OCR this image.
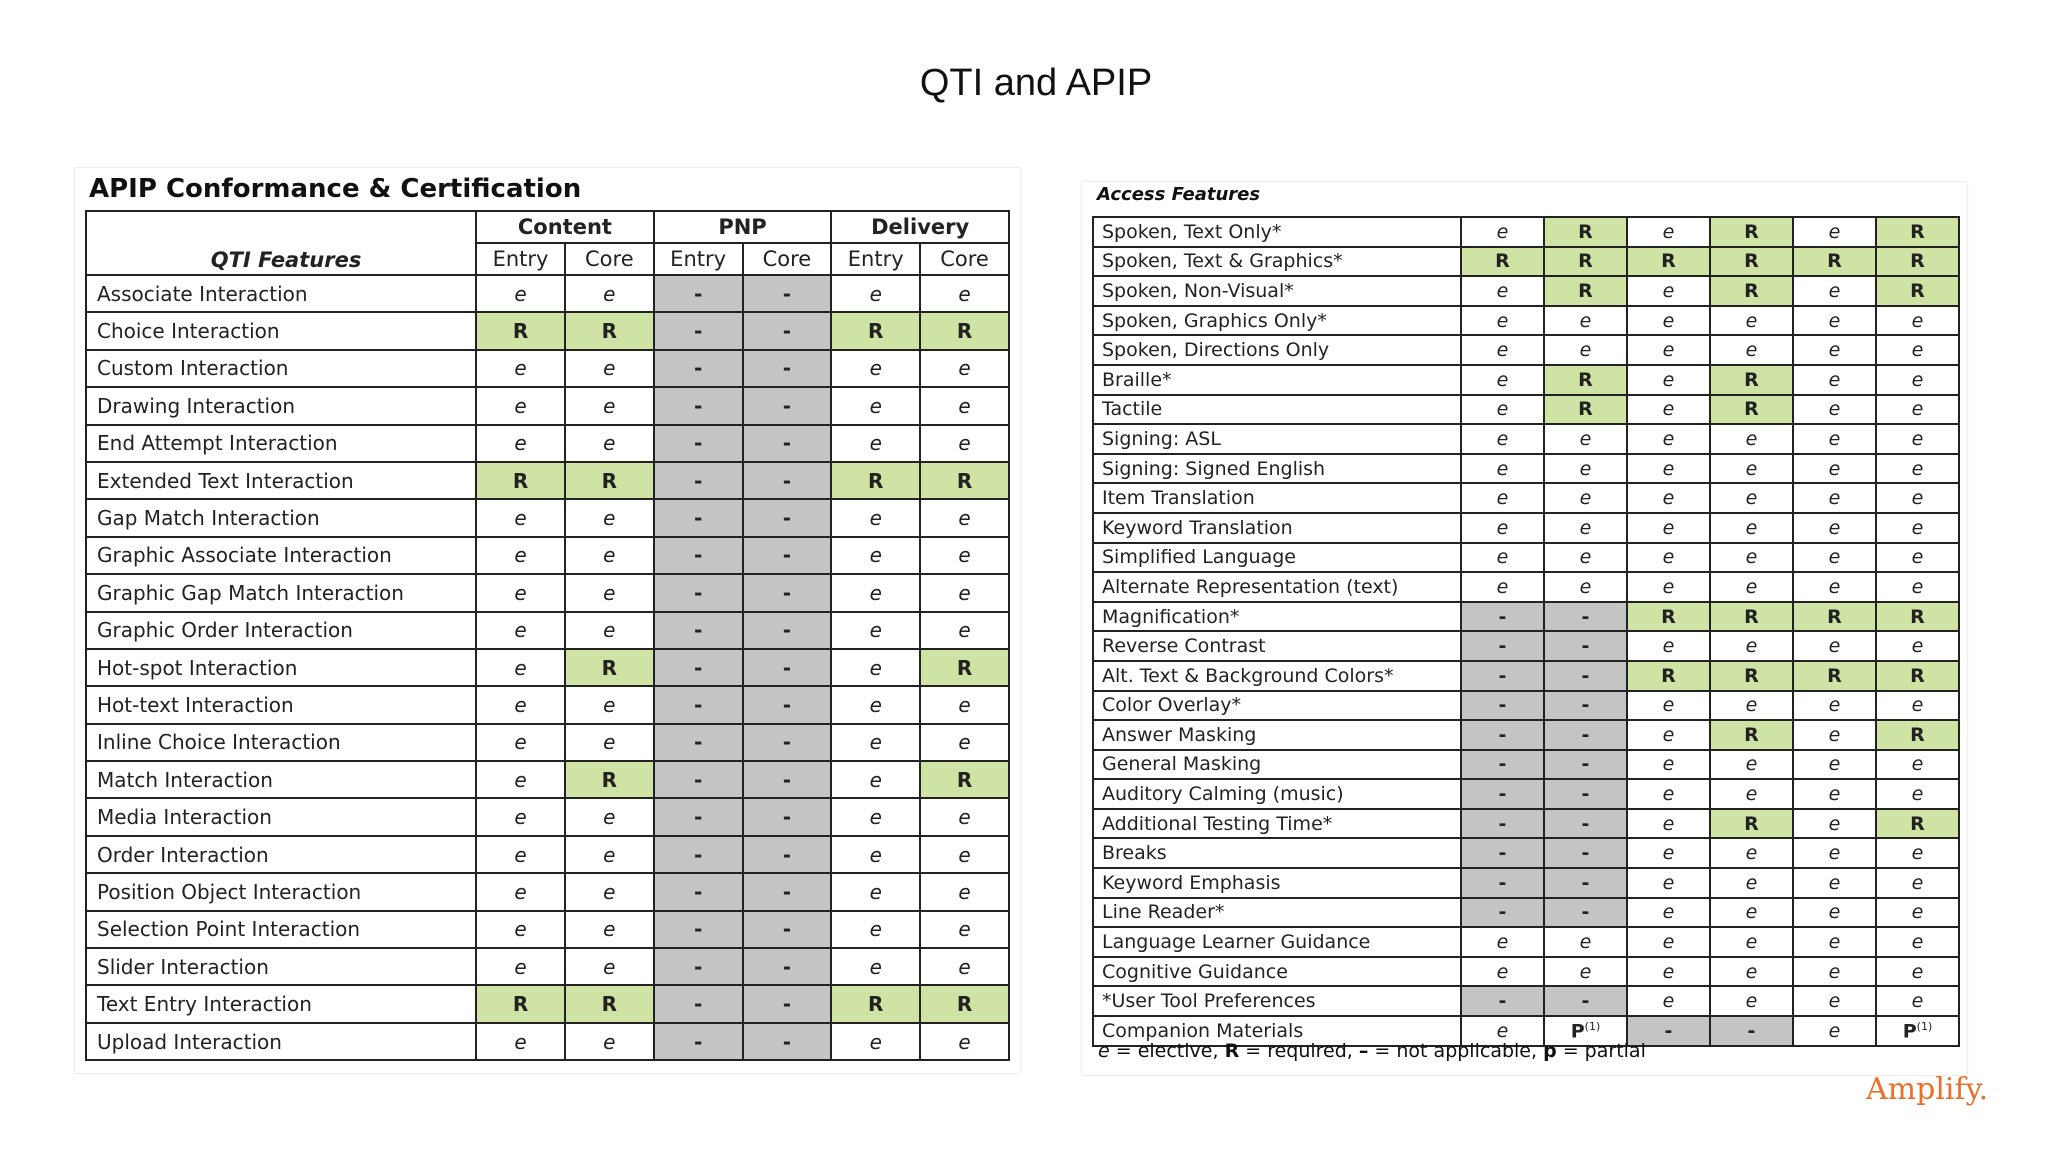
QTI and APIP
APIP Conformance & Certification
QTI Features	Content		PNP		Delivery	
	Entry	Core	Entry	Core	Entry	Core
Associate Interaction	e	e	-	-	e	e
Choice Interaction	R	R	-	-	R	R
Custom Interaction	e	e	-	-	e	e
Drawing Interaction	e	e	-	-	e	e
End Attempt Interaction	e	e	-	-	e	e
Extended Text Interaction	R	R	-	-	R	R
Gap Match Interaction	e	e	-	-	e	e
Graphic Associate Interaction	e	e	-	-	e	e
Graphic Gap Match Interaction	e	e	-	-	e	e
Graphic Order Interaction	e	e	-	-	e	e
Hot-spot Interaction	e	R	-	-	e	R
Hot-text Interaction	e	e	-	-	e	e
Inline Choice Interaction	e	e	-	-	e	e
Match Interaction	e	R	-	-	e	R
Media Interaction	e	e	-	-	e	e
Order Interaction	e	e	-	-	e	e
Position Object Interaction	e	e	-	-	e	e
Selection Point Interaction	e	e	-	-	e	e
Slider Interaction	e	e	-	-	e	e
Text Entry Interaction	R	R	-	-	R	R
Upload Interaction	e	e	-	-	e	e
Access Features
Spoken, Text Only*	e	R	e	R	e	R
Spoken, Text & Graphics*	R	R	R	R	R	R
Spoken, Non-Visual*	e	R	e	R	e	R
Spoken, Graphics Only*	e	e	e	e	e	e
Spoken, Directions Only	e	e	e	e	e	e
Braille*	e	R	e	R	e	e
Tactile	e	R	e	R	e	e
Signing: ASL	e	e	e	e	e	e
Signing: Signed English	e	e	e	e	e	e
Item Translation	e	e	e	e	e	e
Keyword Translation	e	e	e	e	e	e
Simplified Language	e	e	e	e	e	e
Alternate Representation (text)	e	e	e	e	e	e
Magnification*	-	-	R	R	R	R
Reverse Contrast	-	-	e	e	e	e
Alt. Text & Background Colors*	-	-	R	R	R	R
Color Overlay*	-	-	e	e	e	e
Answer Masking	-	-	e	R	e	R
General Masking	-	-	e	e	e	e
Auditory Calming (music)	-	-	e	e	e	e
Additional Testing Time*	-	-	e	R	e	R
Breaks	-	-	e	e	e	e
Keyword Emphasis	-	-	e	e	e	e
Line Reader*	-	-	e	e	e	e
Language Learner Guidance	e	e	e	e	e	e
Cognitive Guidance	e	e	e	e	e	e
*User Tool Preferences	-	-	e	e	e	e
Companion Materials	e	$P^{(1)}$	-	-	e	$P^{(1)}$
e = elective, R = required, – = not applicable, p = partial
Amplify.
